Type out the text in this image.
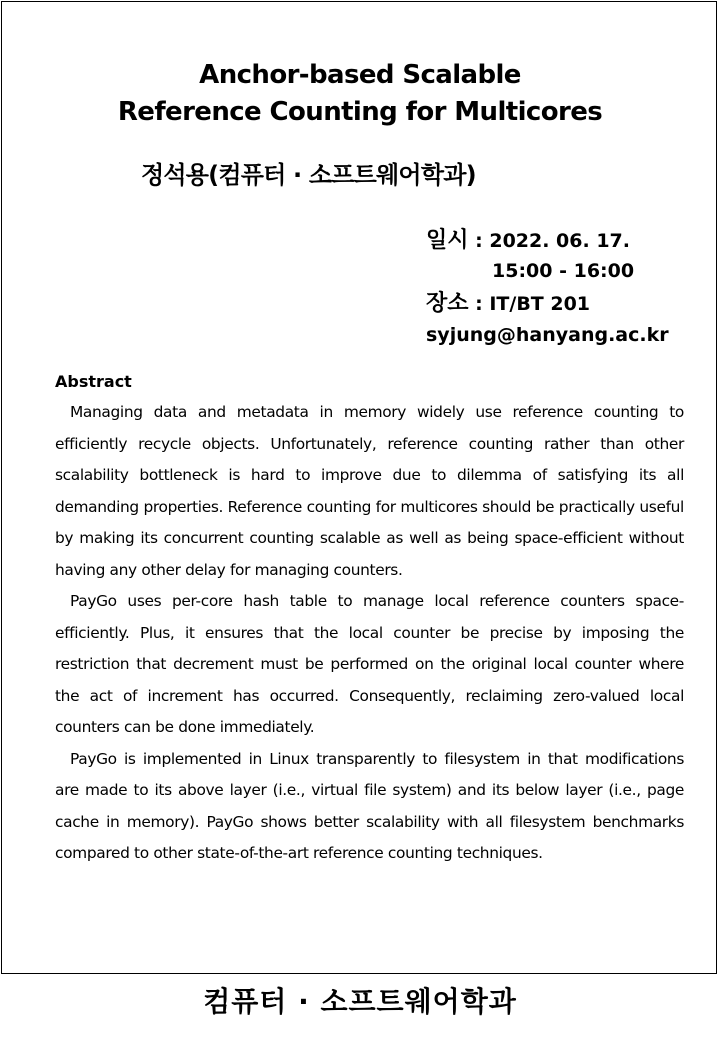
Anchor-based Scalable
Reference Counting for Multicores
정석용(컴퓨터 · 소프트웨어학과)
일시 : 2022. 06. 17.
15:00 - 16:00
장소 : IT/BT 201
syjung@hanyang.ac.kr
Abstract

Managing data and metadata in memory widely use reference counting to efficiently recycle objects. Unfortunately, reference counting rather than other scalability bottleneck is hard to improve due to dilemma of satisfying its all demanding properties. Reference counting for multicores should be practically useful by making its concurrent counting scalable as well as being space-efficient without having any other delay for managing counters.

PayGo uses per-core hash table to manage local reference counters space-efficiently. Plus, it ensures that the local counter be precise by imposing the restriction that decrement must be performed on the original local counter where the act of increment has occurred. Consequently, reclaiming zero-valued local counters can be done immediately.

PayGo is implemented in Linux transparently to filesystem in that modifications are made to its above layer (i.e., virtual file system) and its below layer (i.e., page cache in memory). PayGo shows better scalability with all filesystem benchmarks compared to other state-of-the-art reference counting techniques.

컴퓨터 · 소프트웨어학과
